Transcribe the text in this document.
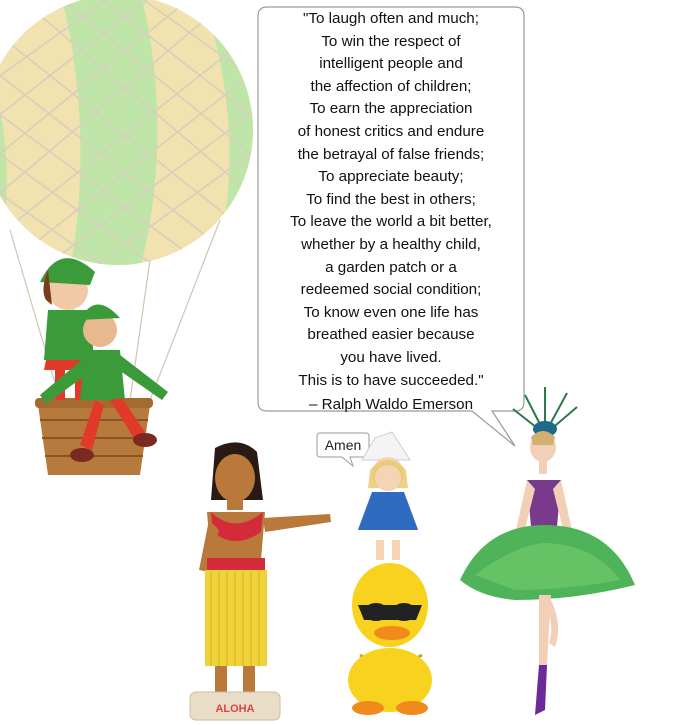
"To laugh often and much;
To win the respect of
intelligent people and
the affection of children;
To earn the appreciation
of honest critics and endure
the betrayal of false friends;
To appreciate beauty;
To find the best in others;
To leave the world a bit better,
whether by a healthy child,
a garden patch or a
redeemed social condition;
To know even one life has
breathed easier because
you have lived.
This is to have succeeded."
– Ralph Waldo Emerson
Amen
ALOHA
